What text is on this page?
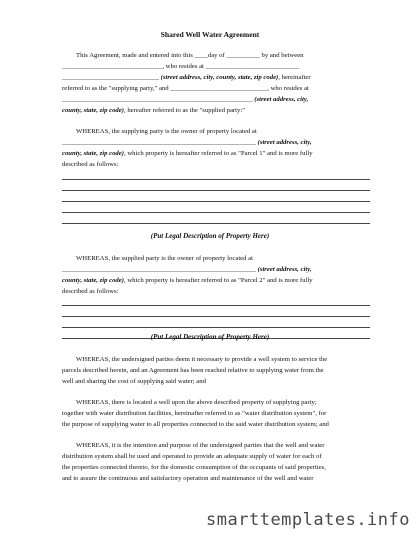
Shared Well Water Agreement
This Agreement, made and entered into this ____day of __________ by and between
______________________________, who resides at ____________________________
_____________________________ (street address, city, county, state, zip code), hereinafter
referred to as the "supplying party," and _____________________________, who resides at
_________________________________________________________ (street address, city,
county, state, zip code), hereafter referred to as the "supplied party:"
WHEREAS, the supplying party is the owner of property located at
__________________________________________________________ (street address, city,
county, state, zip code), which property is hereafter referred to as "Parcel 1" and is more fully
described as follows:
(Put Legal Description of Property Here)
WHEREAS, the supplied party is the owner of property located at
__________________________________________________________ (street address, city,
county, state, zip code), which property is hereafter referred to as "Parcel 2" and is more fully
described as follows:
(Put Legal Description of Property Here)
WHEREAS, the undersigned parties deem it necessary to provide a well system to service the
parcels described herein, and an Agreement has been reached relative to supplying water from the
well and sharing the cost of supplying said water; and
WHEREAS, there is located a well upon the above described property of supplying party;
together with water distribution facilities, hereinafter referred to as "water distribution system", for
the purpose of supplying water to all properties connected to the said water distribution system; and
WHEREAS, it is the intention and purpose of the undersigned parties that the well and water
distribution system shall be used and operated to provide an adequate supply of water for each of
the properties connected thereto, for the domestic consumption of the occupants of said properties,
and to assure the continuous and satisfactory operation and maintenance of the well and water
smarttemplates.info
